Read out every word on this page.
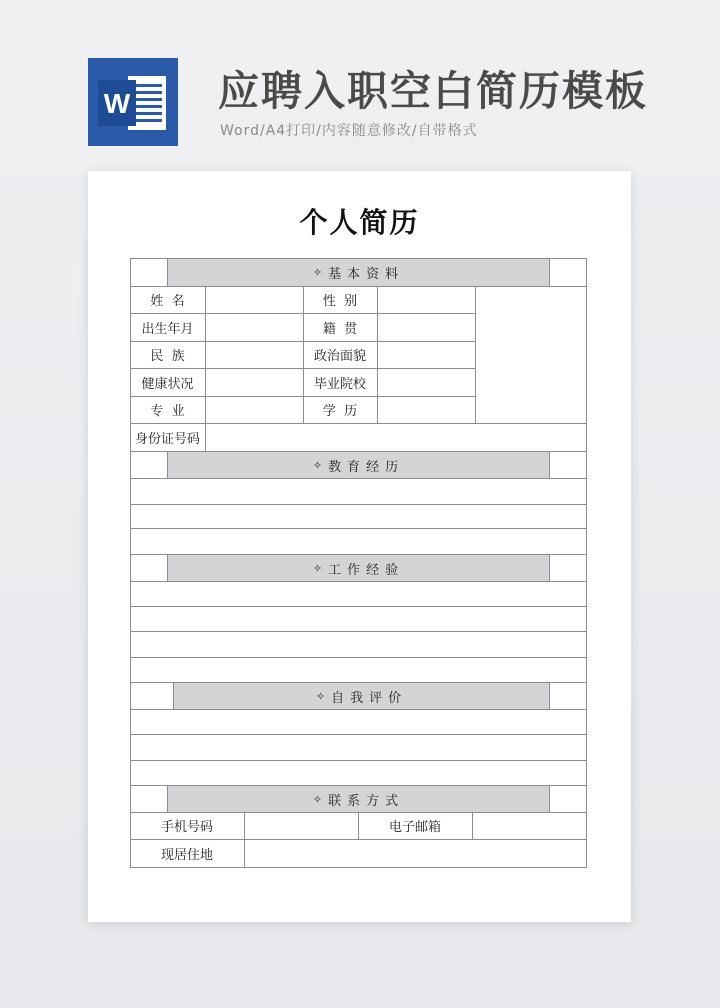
W 应聘入职空白简历模板
Word/A4打印/内容随意修改/自带格式
个人简历
✧ 基本资料
✧ 教育经历
✧ 工作经验
✧ 自我评价
✧ 联系方式
姓  名	性  别
出生年月	籍  贯
民  族	政治面貌
健康状况	毕业院校
专  业	学  历
身份证号码
手机号码	电子邮箱
现居住地
